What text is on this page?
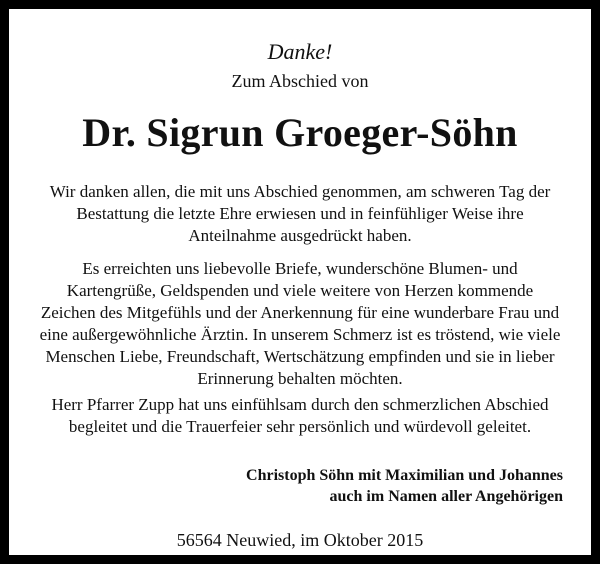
Danke!
Zum Abschied von
Dr. Sigrun Groeger-Söhn

Wir danken allen, die mit uns Abschied genommen, am schweren Tag der Bestattung die letzte Ehre erwiesen und in feinfühliger Weise ihre Anteilnahme ausgedrückt haben.

Es erreichten uns liebevolle Briefe, wunderschöne Blumen- und Kartengrüße, Geldspenden und viele weitere von Herzen kommende Zeichen des Mitgefühls und der Anerkennung für eine wunderbare Frau und eine außergewöhnliche Ärztin. In unserem Schmerz ist es tröstend, wie viele Menschen Liebe, Freundschaft, Wertschätzung empfinden und sie in lieber Erinnerung behalten möchten.

Herr Pfarrer Zupp hat uns einfühlsam durch den schmerzlichen Abschied begleitet und die Trauerfeier sehr persönlich und würdevoll geleitet.

Christoph Söhn mit Maximilian und Johannes
auch im Namen aller Angehörigen
56564 Neuwied, im Oktober 2015
